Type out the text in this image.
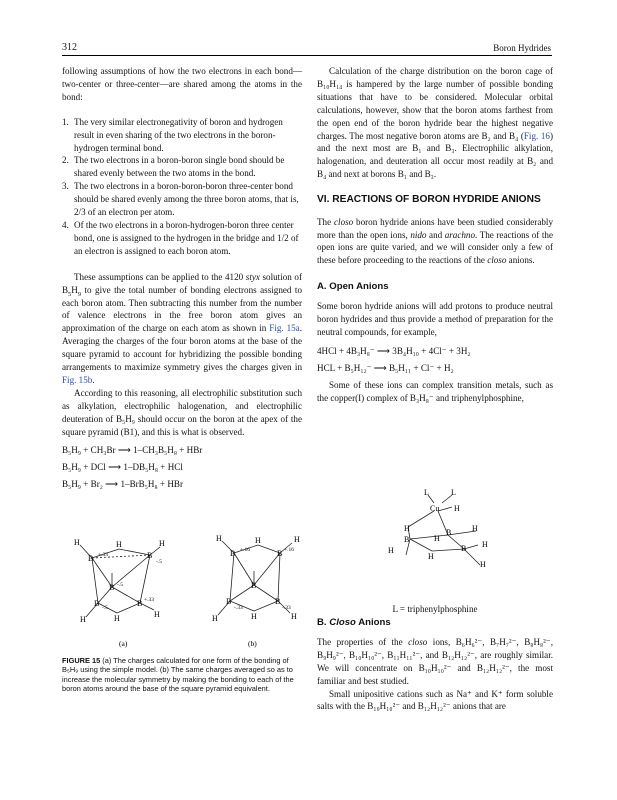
312	Boron Hydrides

following assumptions of how the two electrons in each bond—two-center or three-center—are shared among the atoms in the bond:

1. The very similar electronegativity of boron and hydrogen result in even sharing of the two electrons in the boron-hydrogen terminal bond.
2. The two electrons in a boron-boron single bond should be shared evenly between the two atoms in the bond.
3. The two electrons in a boron-boron-boron three-center bond should be shared evenly among the three boron atoms, that is, 2/3 of an electron per atom.
4. Of the two electrons in a boron-hydrogen-boron three center bond, one is assigned to the hydrogen in the bridge and 1/2 of an electron is assigned to each boron atom.

These assumptions can be applied to the 4120 styx solution of $B_5H_9$ to give the total number of bonding electrons assigned to each boron atom. Then subtracting this number from the number of valence electrons in the free boron atom gives an approximation of the charge on each atom as shown in Fig. 15a. Averaging the charges of the four boron atoms at the base of the square pyramid to account for hybridizing the possible bonding arrangements to maximize symmetry gives the charges given in Fig. 15b.

According to this reasoning, all electrophilic substitution such as alkylation, electrophilic halogenation, and electrophilic deuteration of B₅H₉ should occur on the boron at the apex of the square pyramid (B1), and this is what is observed.

B₅H₉ + CH₃Br ⟶ 1–CH₃B₅H₈ + HBr

B₅H₉ + DCl ⟶ 1–DB₅H₈ + HCl

B₅H₉ + Br₂ ⟶ 1–BrB₅H₈ + HBr

B	B
B
B	B
H	H	H
H	H	H
B	B
B
B	B
H	H	H
H	H	H
+.33
-.5
-.5
-.5
+.33
+.16	+.16
-.33	-.33
(a)	(b)
FIGURE 15 (a) The charges calculated for one form of the bonding of B₅H₉ using the simple model. (b) The same charges averaged so as to increase the molecular symmetry by making the bonding to each of the boron atoms around the base of the square pyramid equivalent.

Calculation of the charge distribution on the boron cage of B₁₀H₁₄ is hampered by the large number of possible bonding situations that have to be considered. Molecular orbital calculations, however, show that the boron atoms farthest from the open end of the boron hydride bear the highest negative charges. The most negative boron atoms are B₂ and B₄ (Fig. 16) and the next most are B₁ and B₃. Electrophilic alkylation, halogenation, and deuteration all occur most readily at B₂ and B₄ and next at borons B₁ and B₃.

VI. REACTIONS OF BORON HYDRIDE ANIONS

The closo boron hydride anions have been studied considerably more than the open ions, nido and arachno. The reactions of the open ions are quite varied, and we will consider only a few of these before proceeding to the reactions of the closo anions.

A. Open Anions

Some boron hydride anions will add protons to produce neutral boron hydrides and thus provide a method of preparation for the neutral compounds, for example,

4HCl + 4B₃H₈⁻ ⟶ 3B₄H₁₀ + 4Cl⁻ + 3H₂

HCL + B₅H₁₂⁻ ⟶ B₅H₁₁ + Cl⁻ + H₂

Some of these ions can complex transition metals, such as the copper(I) complex of B₃H₈⁻ and triphenylphosphine,

L	L
Cu H
H	B
H
H
B
H
H
B H
H
L = triphenylphosphine

B. Closo Anions

The properties of the closo ions, B₆H₆²⁻, B₇H₇²⁻, B₈H₈²⁻, B₉H₉²⁻, B₁₀H₁₀²⁻, B₁₁H₁₁²⁻, and B₁₂H₁₂²⁻, are roughly similar. We will concentrate on B₁₀H₁₀²⁻ and B₁₂H₁₂²⁻, the most familiar and best studied.

Small unipositive cations such as Na⁺ and K⁺ form soluble salts with the B₁₀H₁₀²⁻ and B₁₂H₁₂²⁻ anions that are
